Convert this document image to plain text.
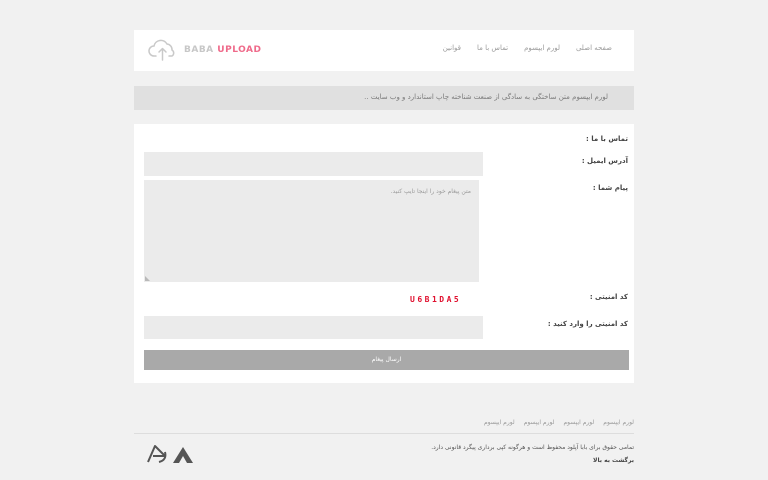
BABA UPLOAD	صفحه اصلی
لورم ایپسوم
تماس با ما
قوانین
لورم ایپسوم متن ساختگی به سادگی از صنعت شناخته چاپ استاندارد و وب سایت ..
تماس با ما :
آدرس ایمیل :
پیام شما :
متن پیغام خود را اینجا تایپ کنید.
کد امنیتی :
U6B1DA5
کد امنیتی را وارد کنید :
ارسال پیغام
لورم ایپسوم
لورم ایپسوم
لورم ایپسوم
لورم ایپسوم
تمامی حقوق برای بابا آپلود محفوظ است و هرگونه کپی برداری پیگرد قانونی دارد.
برگشت به بالا
